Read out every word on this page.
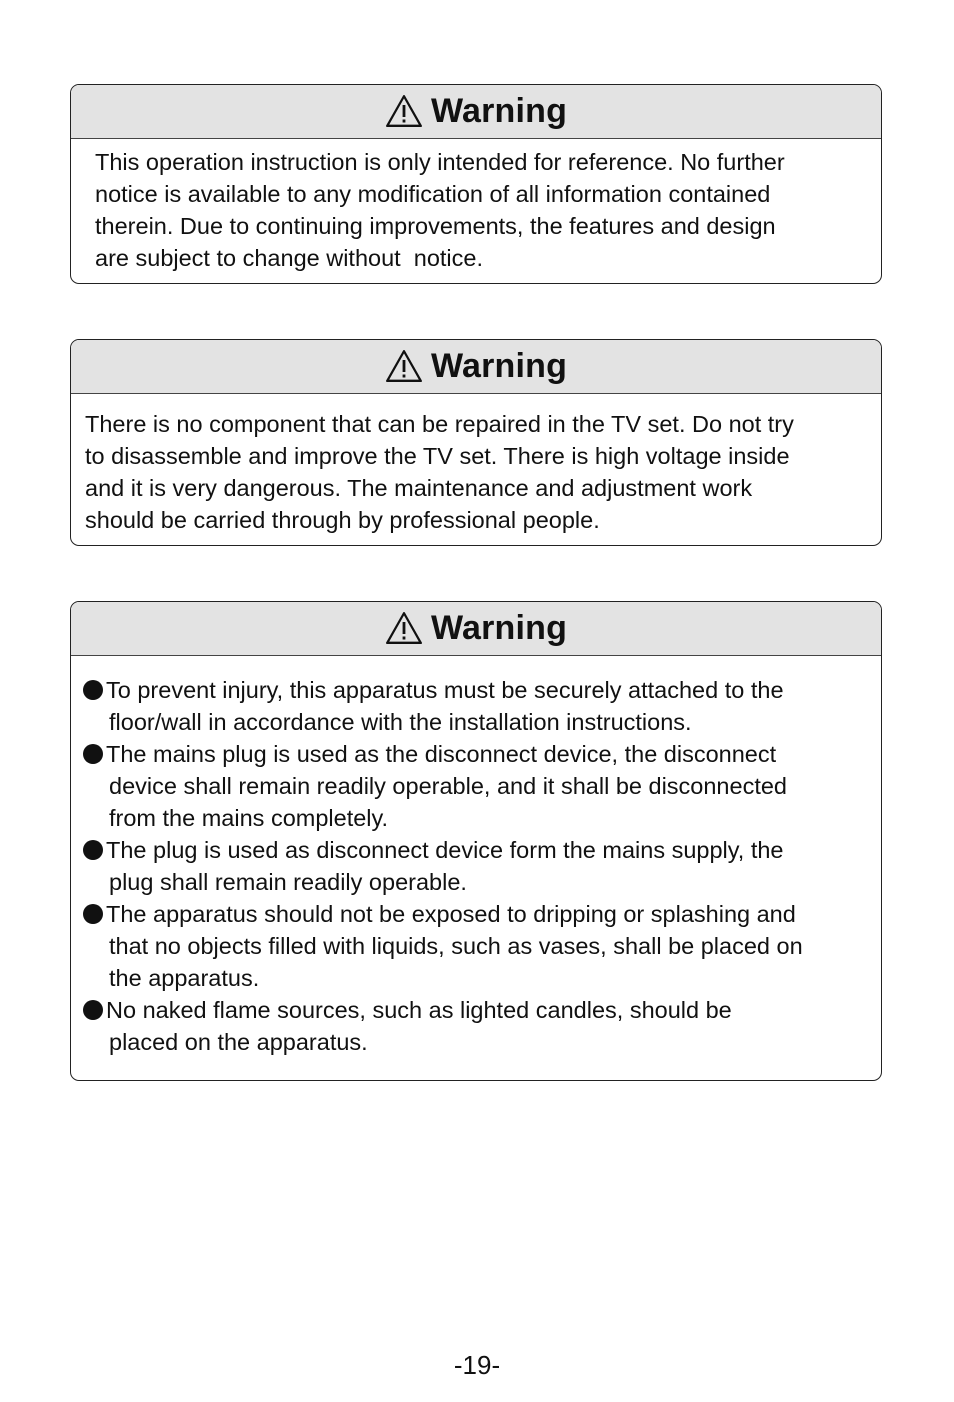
Warning
This operation instruction is only intended for reference. No further
notice is available to any modification of all information contained
therein. Due to continuing improvements, the features and design
are subject to change without  notice.
Warning
There is no component that can be repaired in the TV set. Do not try
to disassemble and improve the TV set. There is high voltage inside
and it is very dangerous. The maintenance and adjustment work
should be carried through by professional people.
Warning
To prevent injury, this apparatus must be securely attached to the
floor/wall in accordance with the installation instructions.
The mains plug is used as the disconnect device, the disconnect
device shall remain readily operable, and it shall be disconnected
from the mains completely.
The plug is used as disconnect device form the mains supply, the
plug shall remain readily operable.
The apparatus should not be exposed to dripping or splashing and
that no objects filled with liquids, such as vases, shall be placed on
the apparatus.
No naked flame sources, such as lighted candles, should be
placed on the apparatus.
-19-
